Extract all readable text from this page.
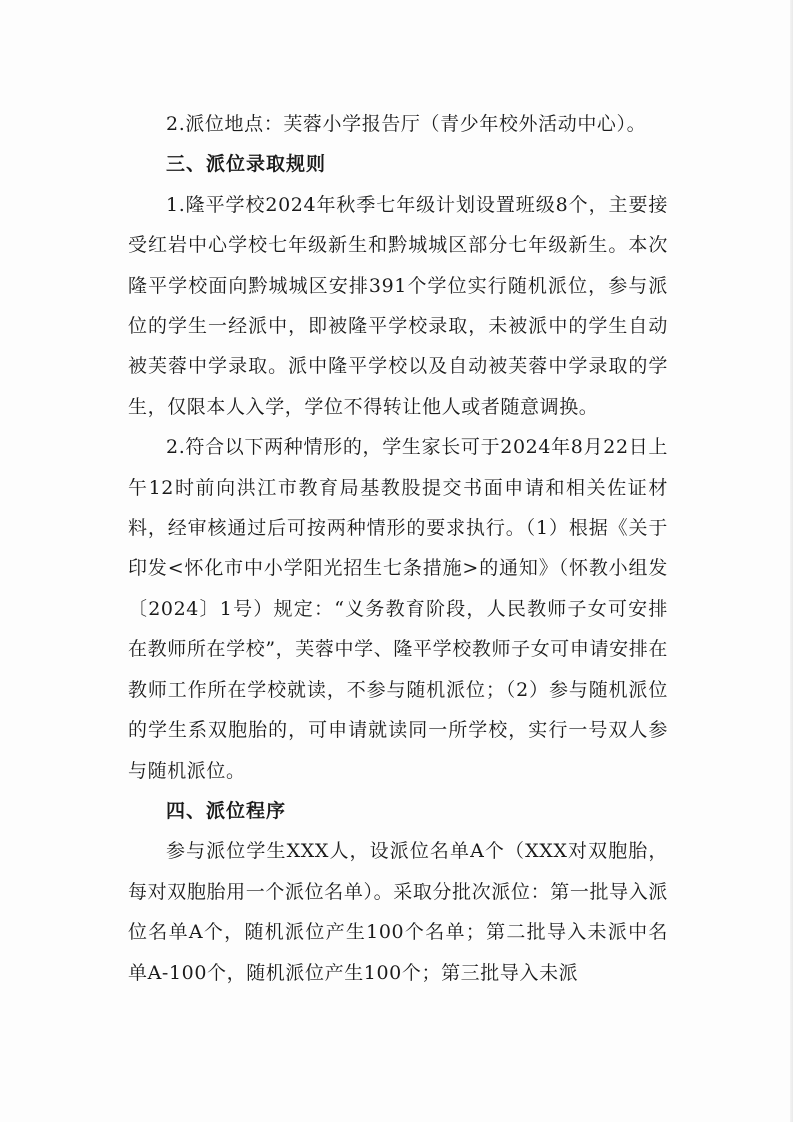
2.派位地点：芙蓉小学报告厅（青少年校外活动中心）。

三、派位录取规则

1.隆平学校2024年秋季七年级计划设置班级8个，主要接受红岩中心学校七年级新生和黔城城区部分七年级新生。本次隆平学校面向黔城城区安排391个学位实行随机派位，参与派位的学生一经派中，即被隆平学校录取，未被派中的学生自动被芙蓉中学录取。派中隆平学校以及自动被芙蓉中学录取的学生，仅限本人入学，学位不得转让他人或者随意调换。

2.符合以下两种情形的，学生家长可于2024年8月22日上午12时前向洪江市教育局基教股提交书面申请和相关佐证材料，经审核通过后可按两种情形的要求执行。（1）根据《关于印发<怀化市中小学阳光招生七条措施>的通知》（怀教小组发〔2024〕1号）规定：“义务教育阶段，人民教师子女可安排在教师所在学校”，芙蓉中学、隆平学校教师子女可申请安排在教师工作所在学校就读，不参与随机派位；（2）参与随机派位的学生系双胞胎的，可申请就读同一所学校，实行一号双人参与随机派位。

四、派位程序

参与派位学生XXX人，设派位名单A个（XXX对双胞胎，每对双胞胎用一个派位名单）。采取分批次派位：第一批导入派位名单A个，随机派位产生100个名单；第二批导入未派中名单A-100个，随机派位产生100个；第三批导入未派
